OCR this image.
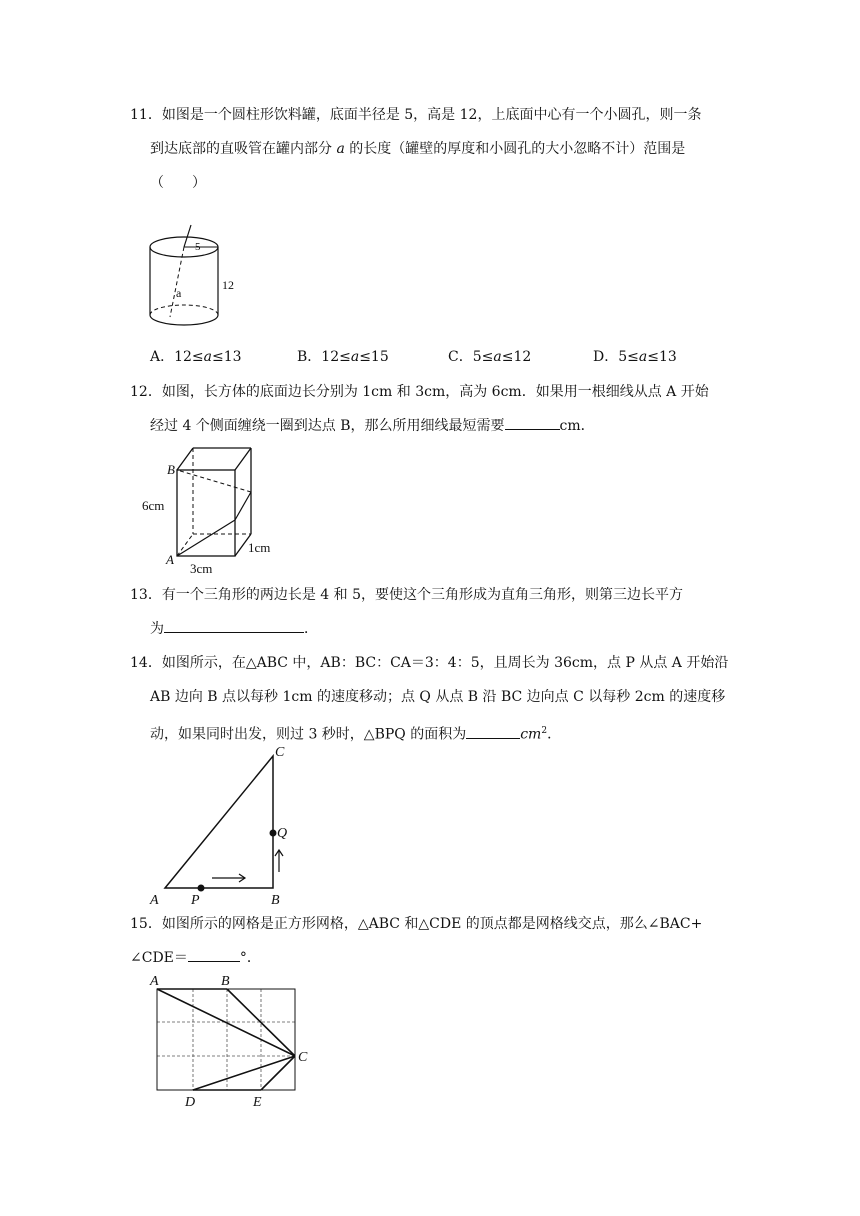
11．如图是一个圆柱形饮料罐，底面半径是 5，高是 12，上底面中心有一个小圆孔，则一条
到达底部的直吸管在罐内部分 a 的长度（罐壁的厚度和小圆孔的大小忽略不计）范围是
（　　）
5
12
a
A．12≤a≤13	B．12≤a≤15	C．5≤a≤12	D．5≤a≤13
12．如图，长方体的底面边长分别为 1cm 和 3cm，高为 6cm．如果用一根细线从点 A 开始
经过 4 个侧面缠绕一圈到达点 B，那么所用细线最短需要	cm．
B
A
6cm
3cm
1cm
13．有一个三角形的两边长是 4 和 5，要使这个三角形成为直角三角形，则第三边长平方
为	．
14．如图所示，在△ABC 中，AB：BC：CA＝3：4：5，且周长为 36cm，点 P 从点 A 开始沿
AB 边向 B 点以每秒 1cm 的速度移动；点 Q 从点 B 沿 BC 边向点 C 以每秒 2cm 的速度移
动，如果同时出发，则过 3 秒时，△BPQ 的面积为	$cm^2$．
A	B
C
P
Q
15．如图所示的网格是正方形网格，△ABC 和△CDE 的顶点都是网格线交点，那么∠BAC+
∠CDE＝	°．
A	B
C
D	E
